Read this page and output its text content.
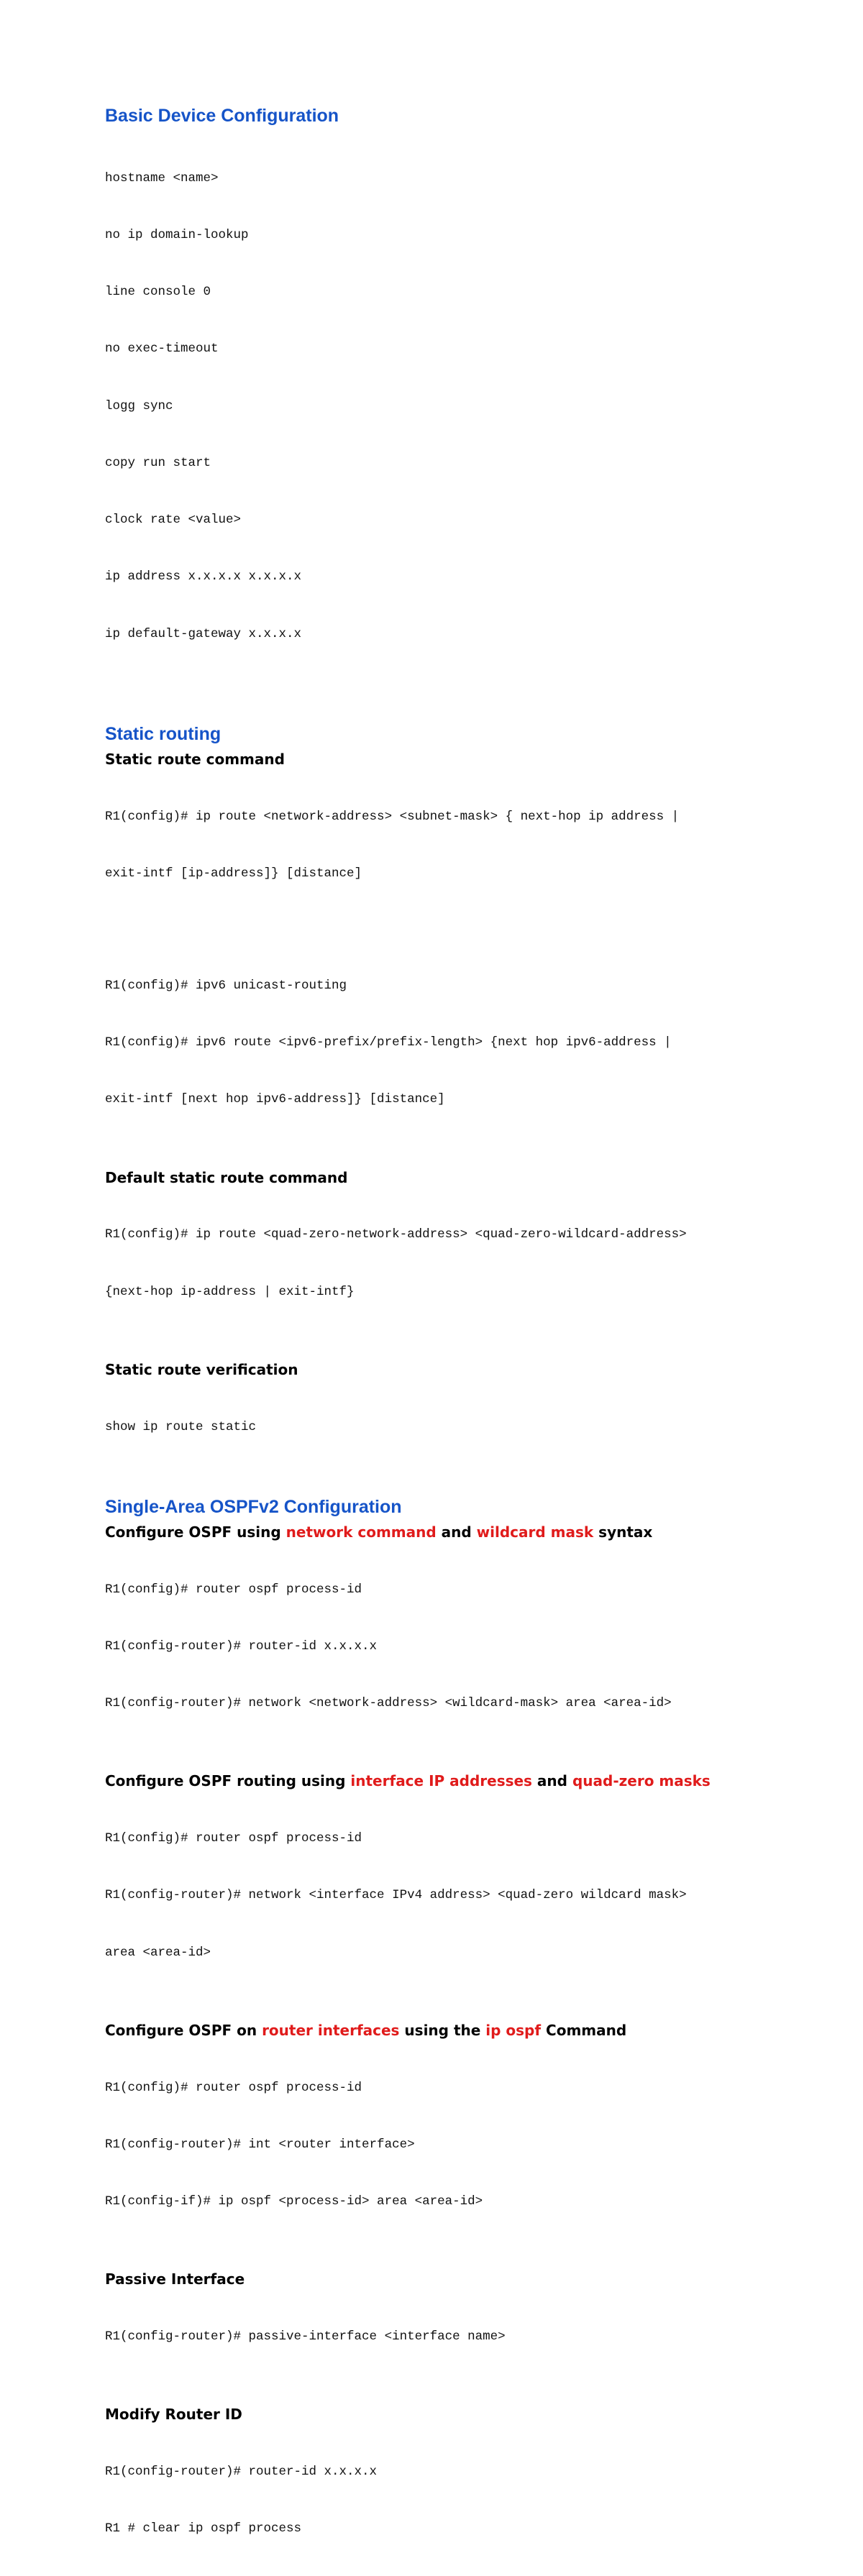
Basic Device Configuration

hostname <name>

no ip domain-lookup

line console 0

no exec-timeout

logg sync

copy run start

clock rate <value>

ip address x.x.x.x x.x.x.x

ip default-gateway x.x.x.x

Static routing
Static route command

R1(config)# ip route <network-address> <subnet-mask> { next-hop ip address |

exit-intf [ip-address]} [distance]

R1(config)# ipv6 unicast-routing

R1(config)# ipv6 route <ipv6-prefix/prefix-length> {next hop ipv6-address |

exit-intf [next hop ipv6-address]} [distance]

Default static route command

R1(config)# ip route <quad-zero-network-address> <quad-zero-wildcard-address>

{next-hop ip-address | exit-intf}

Static route verification

show ip route static

Single-Area OSPFv2 Configuration
Configure OSPF using network command and wildcard mask syntax

R1(config)# router ospf process-id

R1(config-router)# router-id x.x.x.x

R1(config-router)# network <network-address> <wildcard-mask> area <area-id>

Configure OSPF routing using interface IP addresses and quad-zero masks

R1(config)# router ospf process-id

R1(config-router)# network <interface IPv4 address> <quad-zero wildcard mask>

area <area-id>

Configure OSPF on router interfaces using the ip ospf Command

R1(config)# router ospf process-id

R1(config-router)# int <router interface>

R1(config-if)# ip ospf <process-id> area <area-id>

Passive Interface

R1(config-router)# passive-interface <interface name>

Modify Router ID

R1(config-router)# router-id x.x.x.x

R1 # clear ip ospf process
